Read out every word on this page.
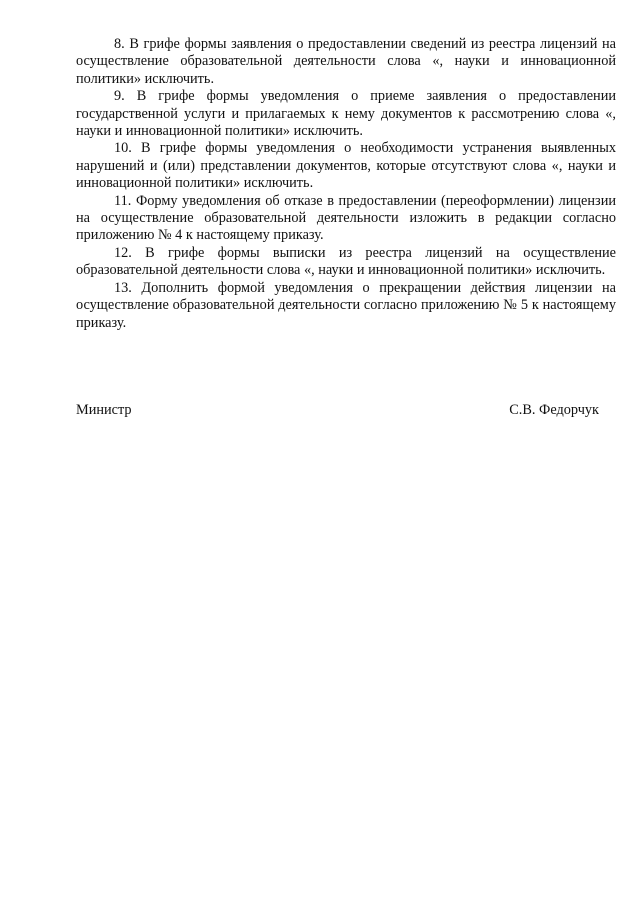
8. В грифе формы заявления о предоставлении сведений из реестра лицензий на осуществление образовательной деятельности слова «, науки и инновационной политики» исключить.

9. В грифе формы уведомления о приеме заявления о предоставлении государственной услуги и прилагаемых к нему документов к рассмотрению слова «, науки и инновационной политики» исключить.

10. В грифе формы уведомления о необходимости устранения выявленных нарушений и (или) представлении документов, которые отсутствуют слова «, науки и инновационной политики» исключить.

11. Форму уведомления об отказе в предоставлении (переоформлении) лицензии на осуществление образовательной деятельности изложить в редакции согласно приложению № 4 к настоящему приказу.

12. В грифе формы выписки из реестра лицензий на осуществление образовательной деятельности слова «, науки и инновационной политики» исключить.

13. Дополнить формой уведомления о прекращении действия лицензии на осуществление образовательной деятельности согласно приложению № 5 к настоящему приказу.

Министр	С.В. Федорчук
